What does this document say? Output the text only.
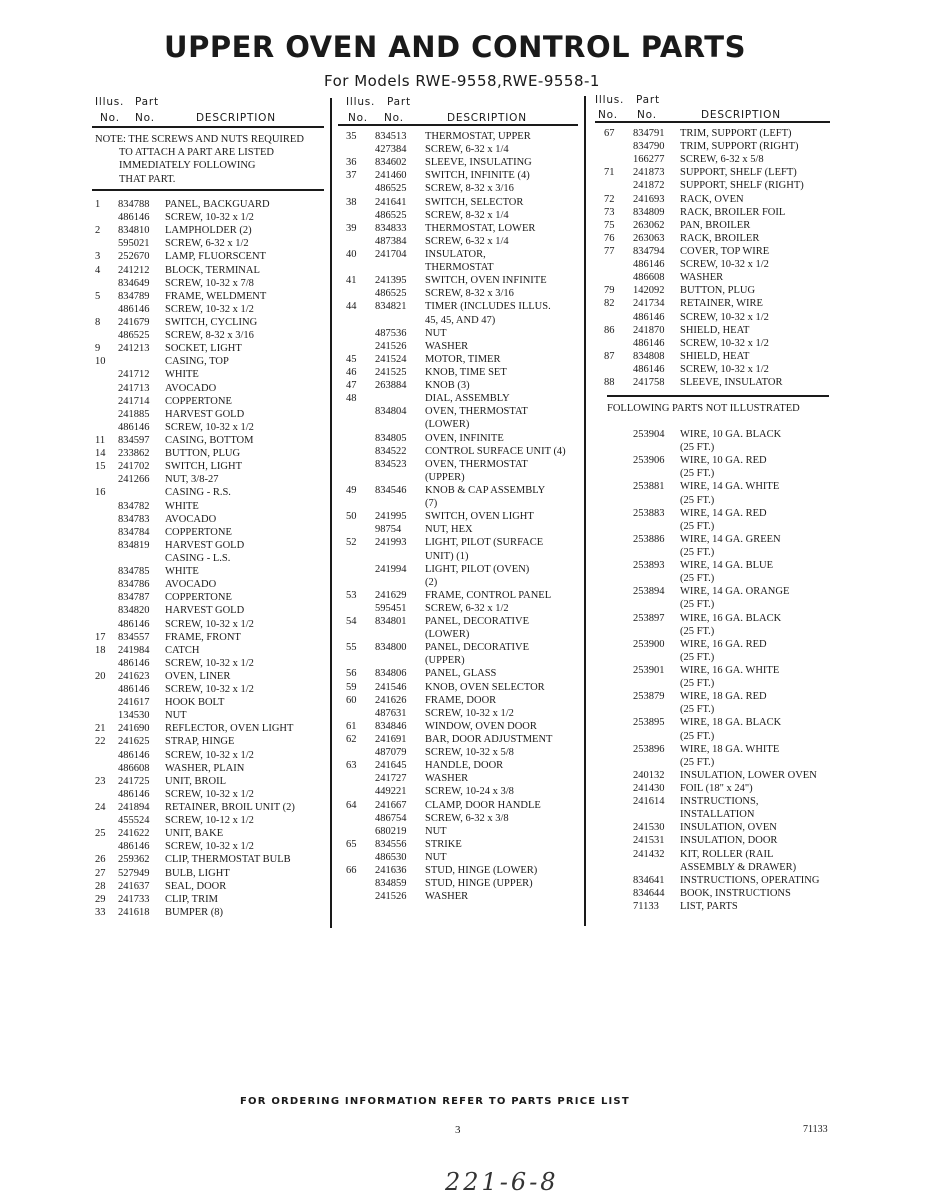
UPPER OVEN AND CONTROL PARTS
For Models RWE-9558,RWE-9558-1
Illus. Part
No. No.	DESCRIPTION
Illus. Part
No. No.	DESCRIPTION
Illus. Part
No. No.	DESCRIPTION
NOTE: THE SCREWS AND NUTS REQUIRED
TO ATTACH A PART ARE LISTED
IMMEDIATELY FOLLOWING
THAT PART.
1 834788 PANEL, BACKGUARD
486146 SCREW, 10-32 x 1/2
2 834810 LAMPHOLDER (2)
595021 SCREW, 6-32 x 1/2
3 252670 LAMP, FLUORSCENT
4 241212 BLOCK, TERMINAL
834649 SCREW, 10-32 x 7/8
5 834789 FRAME, WELDMENT
486146 SCREW, 10-32 x 1/2
8 241679 SWITCH, CYCLING
486525 SCREW, 8-32 x 3/16
9 241213 SOCKET, LIGHT
10	CASING, TOP
241712 WHITE
241713 AVOCADO
241714 COPPERTONE
241885 HARVEST GOLD
486146 SCREW, 10-32 x 1/2
11 834597 CASING, BOTTOM
14 233862 BUTTON, PLUG
15 241702 SWITCH, LIGHT
241266 NUT, 3/8-27
16	CASING - R.S.
834782 WHITE
834783 AVOCADO
834784 COPPERTONE
834819 HARVEST GOLD
CASING - L.S.
834785 WHITE
834786 AVOCADO
834787 COPPERTONE
834820 HARVEST GOLD
486146 SCREW, 10-32 x 1/2
17 834557 FRAME, FRONT
18 241984 CATCH
486146 SCREW, 10-32 x 1/2
20 241623 OVEN, LINER
486146 SCREW, 10-32 x 1/2
241617 HOOK BOLT
134530 NUT
21 241690 REFLECTOR, OVEN LIGHT
22 241625 STRAP, HINGE
486146 SCREW, 10-32 x 1/2
486608 WASHER, PLAIN
23 241725 UNIT, BROIL
486146 SCREW, 10-32 x 1/2
24 241894 RETAINER, BROIL UNIT (2)
455524 SCREW, 10-12 x 1/2
25 241622 UNIT, BAKE
486146 SCREW, 10-32 x 1/2
26 259362 CLIP, THERMOSTAT BULB
27 527949 BULB, LIGHT
28 241637 SEAL, DOOR
29 241733 CLIP, TRIM
33 241618 BUMPER (8)
35 834513 THERMOSTAT, UPPER
427384 SCREW, 6-32 x 1/4
36 834602 SLEEVE, INSULATING
37 241460 SWITCH, INFINITE (4)
486525 SCREW, 8-32 x 3/16
38 241641 SWITCH, SELECTOR
486525 SCREW, 8-32 x 1/4
39 834833 THERMOSTAT, LOWER
487384 SCREW, 6-32 x 1/4
40 241704 INSULATOR,
THERMOSTAT
41 241395 SWITCH, OVEN INFINITE
486525 SCREW, 8-32 x 3/16
44 834821 TIMER (INCLUDES ILLUS.
45, 45, AND 47)
487536 NUT
241526 WASHER
45 241524 MOTOR, TIMER
46 241525 KNOB, TIME SET
47 263884 KNOB (3)
48	DIAL, ASSEMBLY
834804 OVEN, THERMOSTAT
(LOWER)
834805 OVEN, INFINITE
834522 CONTROL SURFACE UNIT (4)
834523 OVEN, THERMOSTAT
(UPPER)
49 834546 KNOB & CAP ASSEMBLY
(7)
50 241995 SWITCH, OVEN LIGHT
98754 NUT, HEX
52 241993 LIGHT, PILOT (SURFACE
UNIT) (1)
241994 LIGHT, PILOT (OVEN)
(2)
53 241629 FRAME, CONTROL PANEL
595451 SCREW, 6-32 x 1/2
54 834801 PANEL, DECORATIVE
(LOWER)
55 834800 PANEL, DECORATIVE
(UPPER)
56 834806 PANEL, GLASS
59 241546 KNOB, OVEN SELECTOR
60 241626 FRAME, DOOR
487631 SCREW, 10-32 x 1/2
61 834846 WINDOW, OVEN DOOR
62 241691 BAR, DOOR ADJUSTMENT
487079 SCREW, 10-32 x 5/8
63 241645 HANDLE, DOOR
241727 WASHER
449221 SCREW, 10-24 x 3/8
64 241667 CLAMP, DOOR HANDLE
486754 SCREW, 6-32 x 3/8
680219 NUT
65 834556 STRIKE
486530 NUT
66 241636 STUD, HINGE (LOWER)
834859 STUD, HINGE (UPPER)
241526 WASHER
67 834791 TRIM, SUPPORT (LEFT)
834790 TRIM, SUPPORT (RIGHT)
166277 SCREW, 6-32 x 5/8
71 241873 SUPPORT, SHELF (LEFT)
241872 SUPPORT, SHELF (RIGHT)
72 241693 RACK, OVEN
73 834809 RACK, BROILER FOIL
75 263062 PAN, BROILER
76 263063 RACK, BROILER
77 834794 COVER, TOP WIRE
486146 SCREW, 10-32 x 1/2
486608 WASHER
79 142092 BUTTON, PLUG
82 241734 RETAINER, WIRE
486146 SCREW, 10-32 x 1/2
86 241870 SHIELD, HEAT
486146 SCREW, 10-32 x 1/2
87 834808 SHIELD, HEAT
486146 SCREW, 10-32 x 1/2
88 241758 SLEEVE, INSULATOR
FOLLOWING PARTS NOT ILLUSTRATED
253904 WIRE, 10 GA. BLACK
(25 FT.)
253906 WIRE, 10 GA. RED
(25 FT.)
253881 WIRE, 14 GA. WHITE
(25 FT.)
253883 WIRE, 14 GA. RED
(25 FT.)
253886 WIRE, 14 GA. GREEN
(25 FT.)
253893 WIRE, 14 GA. BLUE
(25 FT.)
253894 WIRE, 14 GA. ORANGE
(25 FT.)
253897 WIRE, 16 GA. BLACK
(25 FT.)
253900 WIRE, 16 GA. RED
(25 FT.)
253901 WIRE, 16 GA. WHITE
(25 FT.)
253879 WIRE, 18 GA. RED
(25 FT.)
253895 WIRE, 18 GA. BLACK
(25 FT.)
253896 WIRE, 18 GA. WHITE
(25 FT.)
240132 INSULATION, LOWER OVEN
241430 FOIL (18" x 24")
241614 INSTRUCTIONS,
INSTALLATION
241530 INSULATION, OVEN
241531 INSULATION, DOOR
241432 KIT, ROLLER (RAIL
ASSEMBLY & DRAWER)
834641 INSTRUCTIONS, OPERATING
834644 BOOK, INSTRUCTIONS
71133 LIST, PARTS
FOR ORDERING INFORMATION REFER TO PARTS PRICE LIST
3	71133
221-6-8
